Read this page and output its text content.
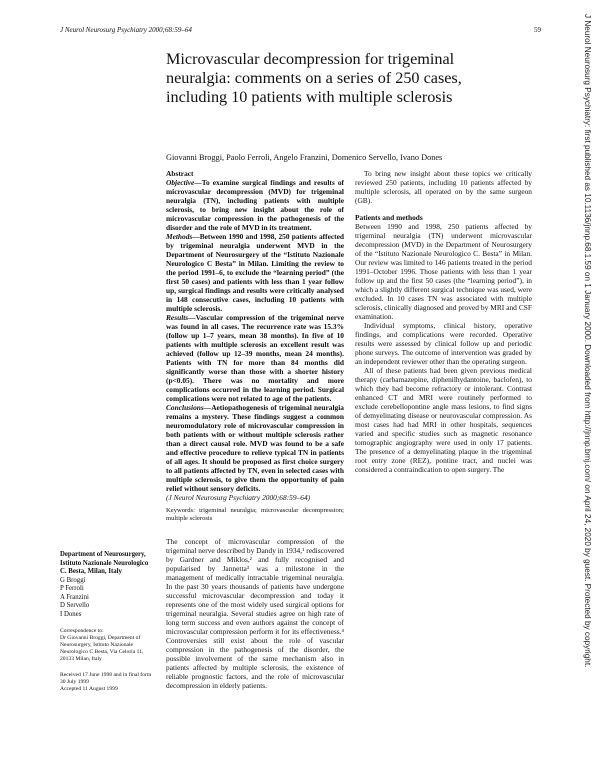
J Neurol Neurosurg Psychiatry 2000;68:59–64	59
Microvascular decompression for trigeminal neuralgia: comments on a series of 250 cases, including 10 patients with multiple sclerosis
Giovanni Broggi, Paolo Ferroli, Angelo Franzini, Domenico Servello, Ivano Dones
Department of Neurosurgery, Istituto Nazionale Neurologico C. Besta, Milan, Italy
G Broggi
P Ferroli
A Franzini
D Servello
I Dones
Correspondence to:
Dr Giovanni Broggi, Department of Neurosurgery, Istituto Nazionale Neurologico C Besta, Via Celoria 11, 20133 Milan, Italy
Received 17 June 1998 and in final form
30 July 1999
Accepted 11 August 1999
Abstract

Objective—To examine surgical findings and results of microvascular decompression (MVD) for trigeminal neuralgia (TN), including patients with multiple sclerosis, to bring new insight about the role of microvascular compression in the pathogenesis of the disorder and the role of MVD in its treatment.

Methods—Between 1990 and 1998, 250 patients affected by trigeminal neuralgia underwent MVD in the Department of Neurosurgery of the “Istituto Nazionale Neurologico C Besta” in Milan. Limiting the review to the period 1991–6, to exclude the “learning period” (the first 50 cases) and patients with less than 1 year follow up, surgical findings and results were critically analysed in 148 consecutive cases, including 10 patients with multiple sclerosis.

Results—Vascular compression of the trigeminal nerve was found in all cases. The recurrence rate was 15.3% (follow up 1–7 years, mean 38 months). In five of 10 patients with multiple sclerosis an excellent result was achieved (follow up 12–39 months, mean 24 months). Patients with TN for more than 84 months did significantly worse than those with a shorter history (p<0.05). There was no mortality and more complications occurred in the learning period. Surgical complications were not related to age of the patients.

Conclusions—Aetiopathogenesis of trigeminal neuralgia remains a mystery. These findings suggest a common neuromodulatory role of microvascular compression in both patients with or without multiple sclerosis rather than a direct causal role. MVD was found to be a safe and effective procedure to relieve typical TN in patients of all ages. It should be proposed as first choice surgery to all patients affected by TN, even in selected cases with multiple sclerosis, to give them the opportunity of pain relief without sensory deficits.

(J Neurol Neurosurg Psychiatry 2000;68:59–64)

Keywords: trigeminal neuralgia; microvascular decompression; multiple sclerosis

The concept of microvascular compression of the trigeminal nerve described by Dandy in 1934,¹ rediscovered by Gardner and Miklos,² and fully recognised and popularised by Jannetta³ was a milestone in the management of medically intractable trigeminal neuralgia. In the past 30 years thousands of patients have undergone successful microvascular decompression and today it represents one of the most widely used surgical options for trigeminal neuralgia. Several studies agree on high rate of long term success and even authors against the concept of microvascular compression perform it for its effectiveness.⁴ Controversies still exist about the role of vascular compression in the pathogenesis of the disorder, the possible involvement of the same mechanism also in patients affected by multiple sclerosis, the existence of reliable prognostic factors, and the role of microvascular decompression in elderly patients.

To bring new insight about these topics we critically reviewed 250 patients, including 10 patients affected by multiple sclerosis, all operated on by the same surgeon (GB).

Patients and methods

Between 1990 and 1998, 250 patients affected by trigeminal neuralgia (TN) underwent microvascular decompression (MVD) in the Department of Neurosurgery of the “Istituto Nazionale Neurologico C. Besta” in Milan. Our review was limited to 146 patients treated in the period 1991–October 1996. Those patients with less than 1 year follow up and the first 50 cases (the “learning period”), in which a slightly different surgical technique was used, were excluded. In 10 cases TN was associated with multiple sclerosis, clinically diagnosed and proved by MRI and CSF examination.

Individual symptoms, clinical history, operative findings, and complications were recorded. Operative results were assessed by clinical follow up and periodic phone surveys. The outcome of intervention was graded by an independent reviewer other than the operating surgeon.

All of these patients had been given previous medical therapy (carbamazepine, diphenilhydantoine, baclofen), to which they had become refractory or intolerant. Contrast enhanced CT and MRI were routinely performed to exclude cerebellopontine angle mass lesions, to find signs of demyelinating disease or neurovascular compression. As most cases had had MRI in other hospitals, sequences varied and specific studies such as magnetic resonance tomographic angiography were used in only 17 patients. The presence of a demyelinating plaque in the trigeminal root entry zone (REZ), pontine tract, and nuclei was considered a contraindication to open surgery. The	J Neurol Neurosurg Psychiatry: first published as 10.1136/jnnp.68.1.59 on 1 January 2000. Downloaded from http://jnnp.bmj.com/ on April 24, 2020 by guest. Protected by copyright.
